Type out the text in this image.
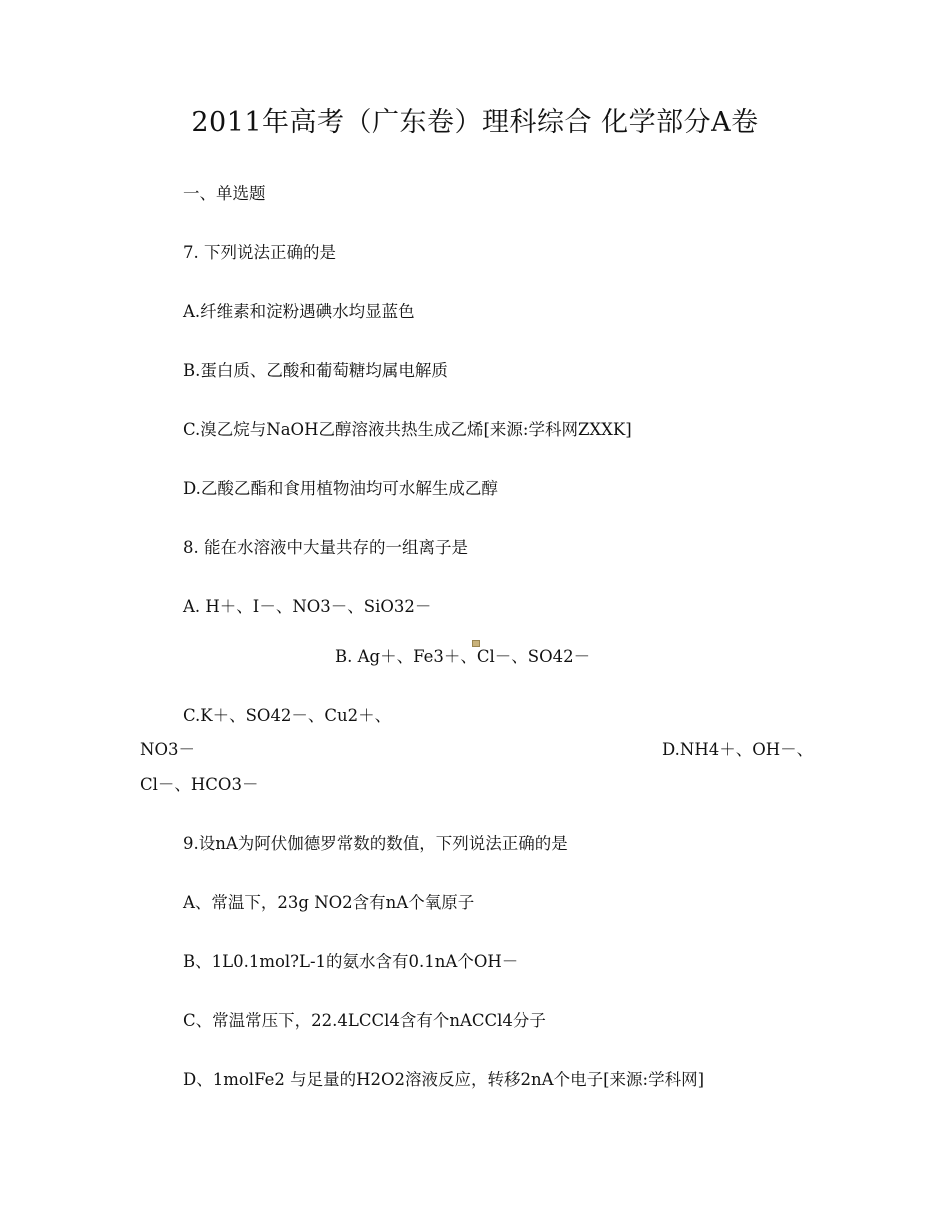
2011年高考（广东卷）理科综合 化学部分A卷
一、单选题
7. 下列说法正确的是
A.纤维素和淀粉遇碘水均显蓝色
B.蛋白质、乙酸和葡萄糖均属电解质
C.溴乙烷与NaOH乙醇溶液共热生成乙烯[来源:学科网ZXXK]
D.乙酸乙酯和食用植物油均可水解生成乙醇
8. 能在水溶液中大量共存的一组离子是
A. H＋、I－、NO3－、SiO32－
B. Ag＋、Fe3＋、Cl－、SO42－
C.K＋、SO42－、Cu2＋、
NO3－	D.NH4＋、OH－、
Cl－、HCO3－
9.设nA为阿伏伽德罗常数的数值，下列说法正确的是
A、常温下，23g NO2含有nA个氧原子
B、1L0.1mol?L-1的氨水含有0.1nA个OH－
C、常温常压下，22.4LCCl4含有个nACCl4分子
D、1molFe2 与足量的H2O2溶液反应，转移2nA个电子[来源:学科网]
